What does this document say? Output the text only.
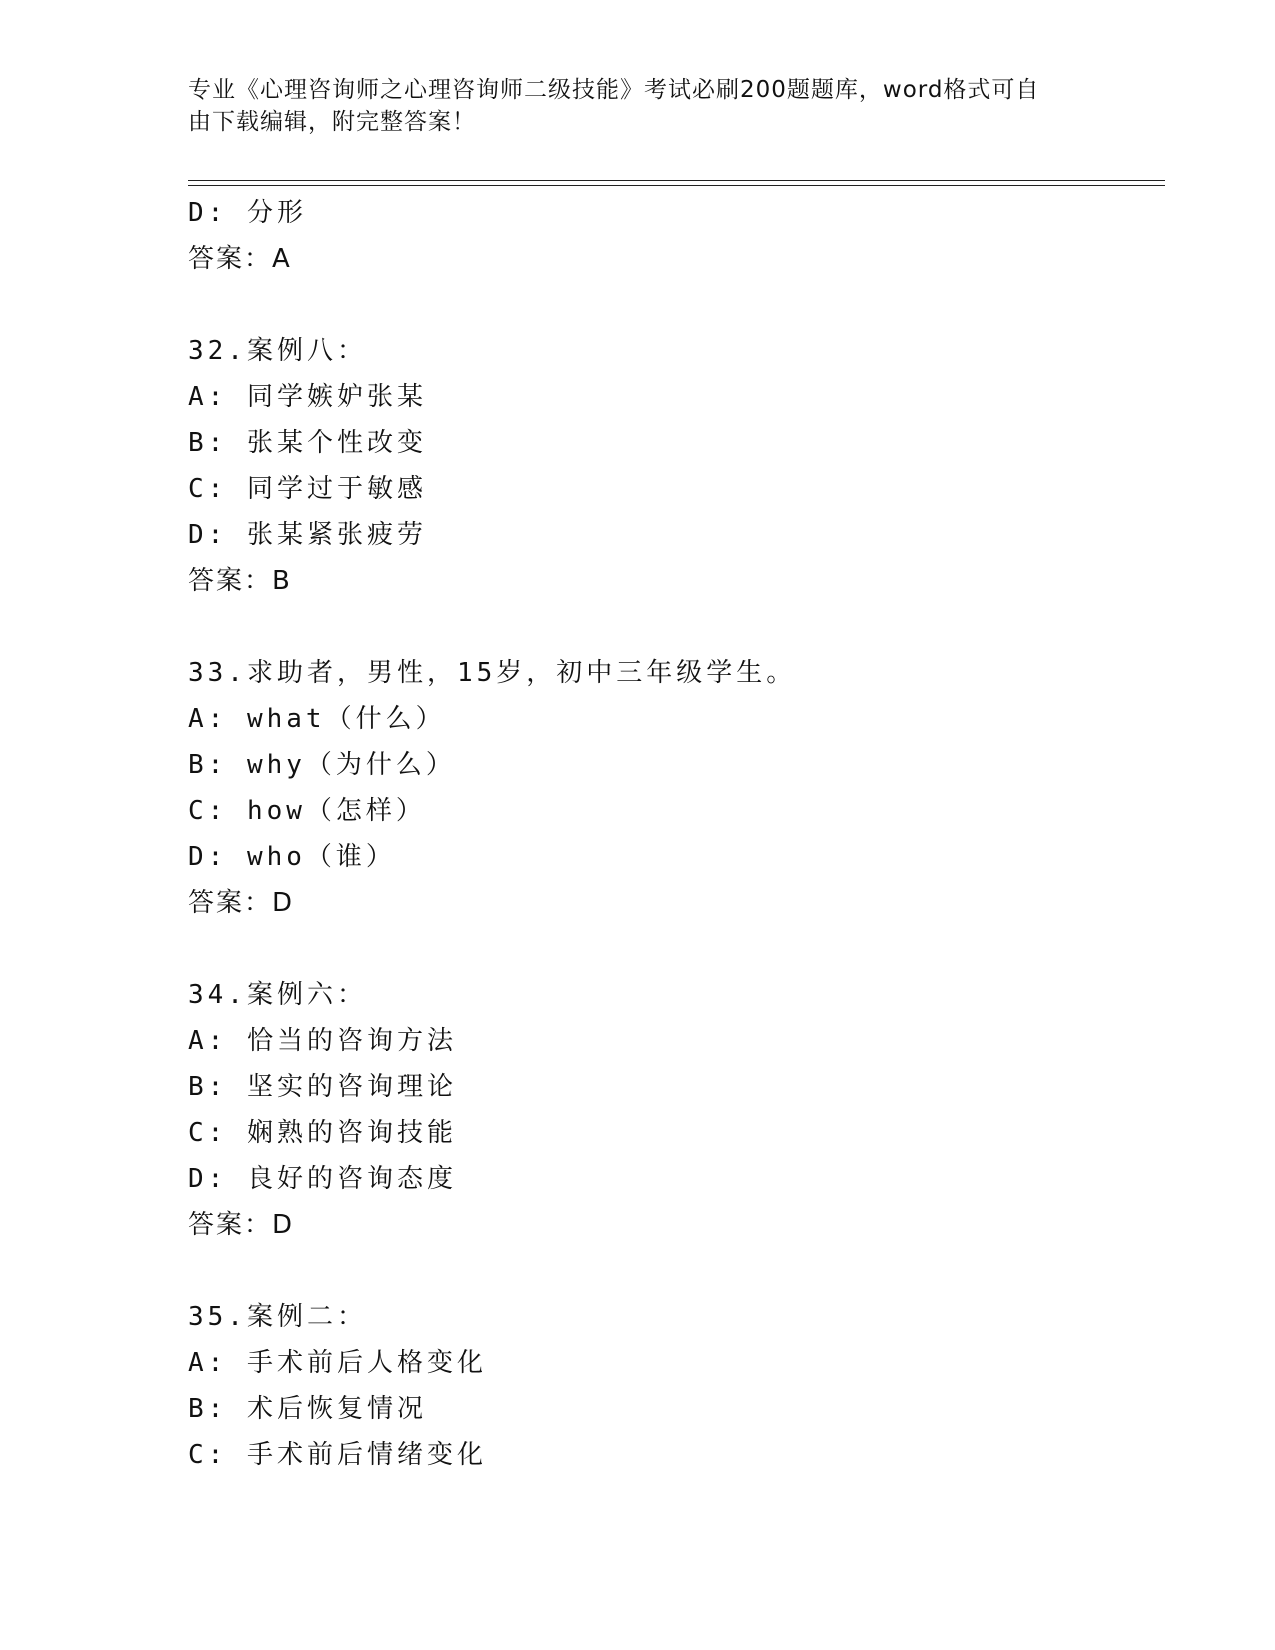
专业《心理咨询师之心理咨询师二级技能》考试必刷200题题库，word格式可自
由下载编辑，附完整答案！
D: 分形
答案：A
32.案例八：
A: 同学嫉妒张某
B: 张某个性改变
C: 同学过于敏感
D: 张某紧张疲劳
答案：B
33.求助者，男性，15岁，初中三年级学生。
A: what（什么）
B: why（为什么）
C: how（怎样）
D: who（谁）
答案：D
34.案例六：
A: 恰当的咨询方法
B: 坚实的咨询理论
C: 娴熟的咨询技能
D: 良好的咨询态度
答案：D
35.案例二：
A: 手术前后人格变化
B: 术后恢复情况
C: 手术前后情绪变化
